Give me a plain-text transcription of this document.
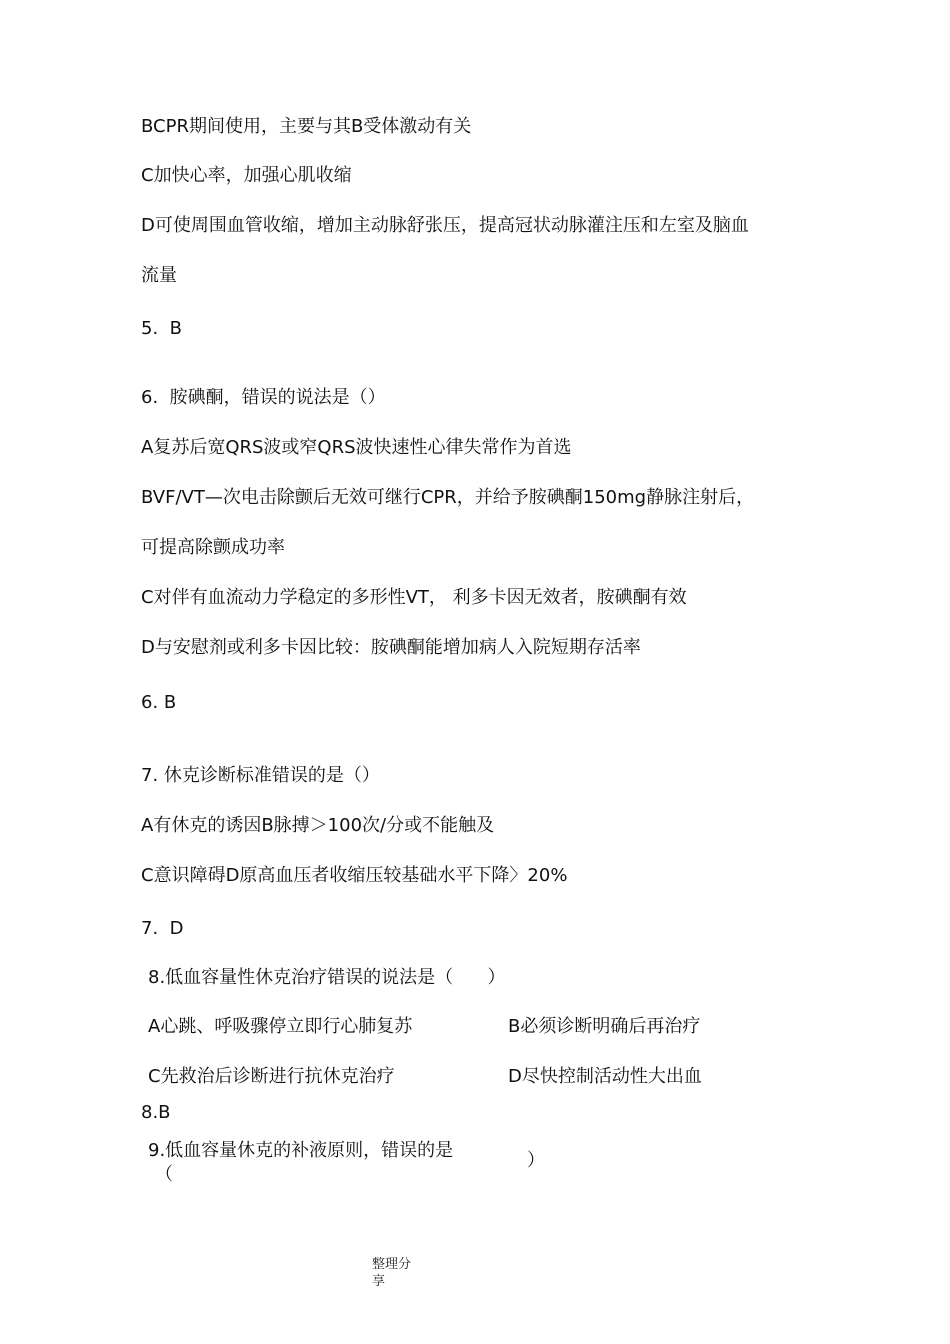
BCPR期间使用，主要与其B受体激动有关
C加快心率，加强心肌收缩
D可使周围血管收缩，增加主动脉舒张压，提高冠状动脉灌注压和左室及脑血
流量
5.  B
6.  胺碘酮，错误的说法是（）
A复苏后宽QRS波或窄QRS波快速性心律失常作为首选
BVF/VT—次电击除颤后无效可继行CPR，并给予胺碘酮150mg静脉注射后，
可提高除颤成功率
C对伴有血流动力学稳定的多形性VT， 利多卡因无效者，胺碘酮有效
D与安慰剂或利多卡因比较：胺碘酮能增加病人入院短期存活率
6. B
7. 休克诊断标准错误的是（）
A有休克的诱因B脉搏＞100次/分或不能触及
C意识障碍D原高血压者收缩压较基础水平下降〉20%
7.  D
8.低血容量性休克治疗错误的说法是（      ）
A心跳、呼吸骤停立即行心肺复苏	B必须诊断明确后再治疗
C先救治后诊断进行抗休克治疗	D尽快控制活动性大出血
8.B
9.低血容量休克的补液原则，错误的是
（
）
整理分享
